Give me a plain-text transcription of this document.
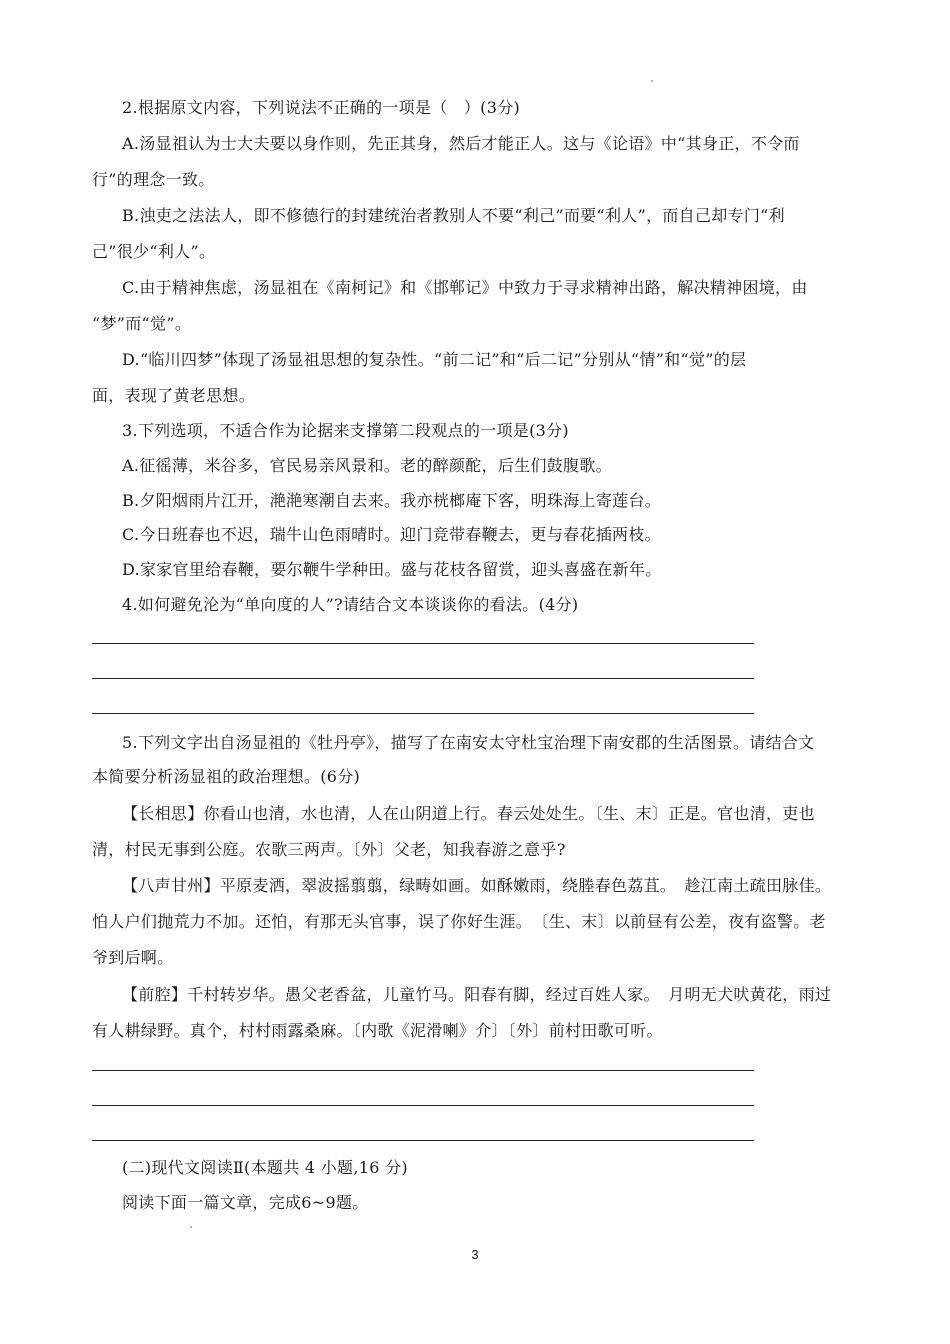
2.根据原文内容，下列说法不正确的一项是（　）(3分)
A.汤显祖认为士大夫要以身作则，先正其身，然后才能正人。这与《论语》中“其身正，不令而
行”的理念一致。
B.浊吏之法法人，即不修德行的封建统治者教别人不要“利己”而要“利人”，而自己却专门“利
己”很少“利人”。
C.由于精神焦虑，汤显祖在《南柯记》和《邯郸记》中致力于寻求精神出路，解决精神困境，由
“梦”而“觉”。
D.“临川四梦”体现了汤显祖思想的复杂性。“前二记”和“后二记”分别从“情”和“觉”的层
面，表现了黄老思想。
3.下列选项，不适合作为论据来支撑第二段观点的一项是(3分)
A.征徭薄，米谷多，官民易亲风景和。老的醉颜酡，后生们鼓腹歌。
B.夕阳烟雨片江开，滟滟寒潮自去来。我亦桄榔庵下客，明珠海上寄莲台。
C.今日班春也不迟，瑞牛山色雨晴时。迎门竞带春鞭去，更与春花插两枝。
D.家家官里给春鞭，要尔鞭牛学种田。盛与花枝各留赏，迎头喜盛在新年。
4.如何避免沦为“单向度的人”?请结合文本谈谈你的看法。(4分)
5.下列文字出自汤显祖的《牡丹亭》，描写了在南安太守杜宝治理下南安郡的生活图景。请结合文
本简要分析汤显祖的政治理想。(6分)
【长相思】你看山也清，水也清，人在山阴道上行。春云处处生。〔生、末〕正是。官也清，吏也
清，村民无事到公庭。农歌三两声。〔外〕父老，知我春游之意乎?
【八声甘州】平原麦洒，翠波摇翦翦，绿畴如画。如酥嫩雨，绕塍春色荔苴。　趁江南土疏田脉佳。
怕人户们抛荒力不加。还怕，有那无头官事，误了你好生涯。　〔生、末〕以前昼有公差，夜有盗警。老
爷到后啊。
【前腔】千村转岁华。愚父老香盆，儿童竹马。阳春有脚，经过百姓人家。　月明无犬吠黄花，雨过
有人耕绿野。真个，村村雨露桑麻。〔内歌《泥滑喇》介〕〔外〕前村田歌可听。
(二)现代文阅读Ⅱ(本题共 4 小题,16 分)
阅读下面一篇文章，完成6~9题。
3
